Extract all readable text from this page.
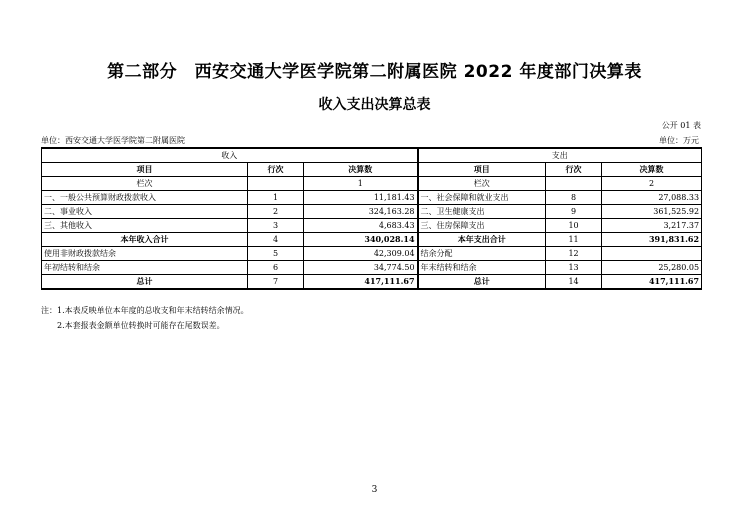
第二部分　西安交通大学医学院第二附属医院 2022 年度部门决算表
收入支出决算总表
公开 01 表
单位：西安交通大学医学院第二附属医院	单位：万元
收入			支出		
项目	行次	决算数	项目	行次	决算数
栏次		1	栏次		2
一、一般公共预算财政拨款收入	1	11,181.43	一、社会保障和就业支出	8	27,088.33
二、事业收入	2	324,163.28	二、卫生健康支出	9	361,525.92
三、其他收入	3	4,683.43	三、住房保障支出	10	3,217.37
本年收入合计	4	340,028.14	本年支出合计	11	391,831.62
使用非财政拨款结余	5	42,309.04	结余分配	12	
年初结转和结余	6	34,774.50	年末结转和结余	13	25,280.05
总计	7	417,111.67	总计	14	417,111.67
注：1.本表反映单位本年度的总收支和年末结转结余情况。
2.本套报表金额单位转换时可能存在尾数误差。
3
